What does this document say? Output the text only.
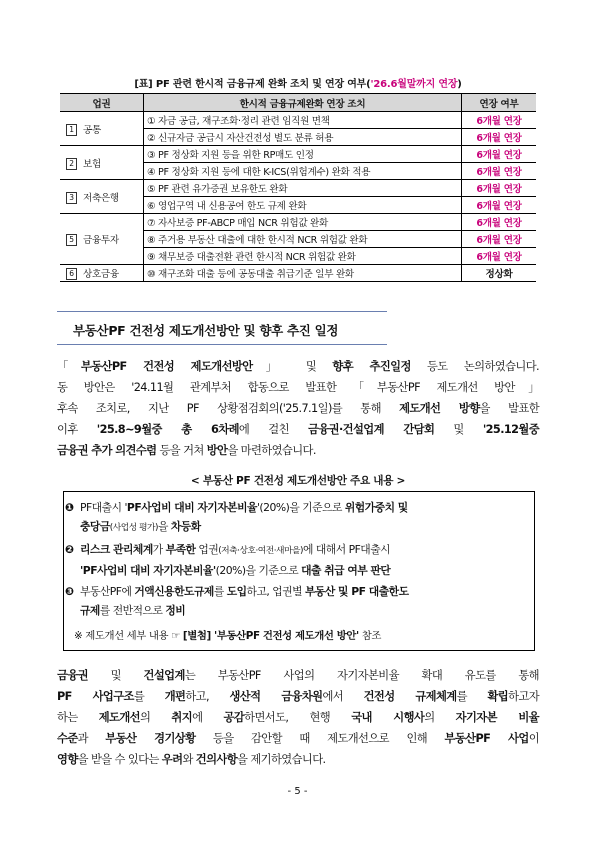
[표] PF 관련 한시적 금융규제 완화 조치 및 연장 여부('26.6월말까지 연장)
업권	한시적 금융규제완화 연장 조치	연장 여부
1 공통	① 자금 공급, 재구조화·정리 관련 임직원 면책	6개월 연장
	② 신규자금 공급시 자산건전성 별도 분류 허용	6개월 연장
2 보험	③ PF 정상화 지원 등을 위한 RP매도 인정	6개월 연장
	④ PF 정상화 지원 등에 대한 K-ICS(위험계수) 완화 적용	6개월 연장
3 저축은행	⑤ PF 관련 유가증권 보유한도 완화	6개월 연장
	⑥ 영업구역 내 신용공여 한도 규제 완화	6개월 연장
5 금융투자	⑦ 자사보증 PF-ABCP 매입 NCR 위험값 완화	6개월 연장
	⑧ 주거용 부동산 대출에 대한 한시적 NCR 위험값 완화	6개월 연장
	⑨ 채무보증 대출전환 관련 한시적 NCR 위험값 완화	6개월 연장
6 상호금융	⑩ 재구조화 대출 등에 공동대출 취급기준 일부 완화	정상화
부동산PF 건전성 제도개선방안 및 향후 추진 일정
「부동산PF 건전성 제도개선방안」 및 향후 추진일정 등도 논의하였습니다.
동 방안은 '24.11월 관계부처 합동으로 발표한 「부동산PF 제도개선 방안」
후속 조치로, 지난 PF 상황점검회의('25.7.1일)를 통해 제도개선 방향을 발표한
이후 '25.8~9월중 총 6차례에 걸친 금융권·건설업계 간담회 및 '25.12월중
금융권 추가 의견수렴 등을 거쳐 방안을 마련하였습니다.
< 부동산 PF 건전성 제도개선방안 주요 내용 >
❶ PF대출시 'PF사업비 대비 자기자본비율'(20%)을 기준으로 위험가중치 및
충당금(사업성 평가)을 차등화
❷ 리스크 관리체계가 부족한 업권(저축·상호·여전·새마을)에 대해서 PF대출시
'PF사업비 대비 자기자본비율'(20%)을 기준으로 대출 취급 여부 판단
❸ 부동산PF에 거액신용한도규제를 도입하고, 업권별 부동산 및 PF 대출한도
규제를 전반적으로 정비
※ 제도개선 세부 내용 ☞ [별첨] '부동산PF 건전성 제도개선 방안' 참조
금융권 및 건설업계는 부동산PF 사업의 자기자본비율 확대 유도를 통해
PF 사업구조를 개편하고, 생산적 금융차원에서 건전성 규제체계를 확립하고자
하는 제도개선의 취지에 공감하면서도, 현행 국내 시행사의 자기자본 비율
수준과 부동산 경기상황 등을 감안할 때 제도개선으로 인해 부동산PF 사업이
영향을 받을 수 있다는 우려와 건의사항을 제기하였습니다.
- 5 -
